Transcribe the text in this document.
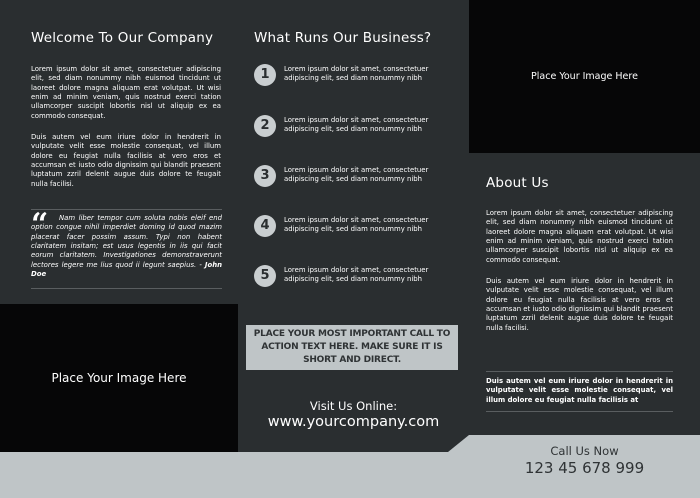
Welcome To Our Company
Lorem ipsum dolor sit amet, consectetuer adipiscing elit, sed diam nonummy nibh euismod tincidunt ut laoreet dolore magna aliquam erat volutpat. Ut wisi enim ad minim veniam, quis nostrud exerci tation ullamcorper suscipit lobortis nisl ut aliquip ex ea commodo consequat.
Duis autem vel eum iriure dolor in hendrerit in vulputate velit esse molestie consequat, vel illum dolore eu feugiat nulla facilisis at vero eros et accumsan et iusto odio dignissim qui blandit praesent luptatum zzril delenit augue duis dolore te feugait nulla facilisi.
“	Nam liber tempor cum soluta nobis eleif end option congue nihil imperdiet doming id quod mazim placerat facer possim assum. Typi non habent claritatem insitam; est usus legentis in iis qui facit eorum claritatem. Investigationes demonstraverunt lectores legere me lius quod ii legunt saepius. - John Doe
Place Your Image Here
What Runs Our Business?
1	Lorem ipsum dolor sit amet, consectetuer adipiscing elit, sed diam nonummy nibh
2	Lorem ipsum dolor sit amet, consectetuer adipiscing elit, sed diam nonummy nibh
3	Lorem ipsum dolor sit amet, consectetuer adipiscing elit, sed diam nonummy nibh
4	Lorem ipsum dolor sit amet, consectetuer adipiscing elit, sed diam nonummy nibh
5	Lorem ipsum dolor sit amet, consectetuer adipiscing elit, sed diam nonummy nibh
PLACE YOUR MOST IMPORTANT CALL TO ACTION TEXT HERE. MAKE SURE IT IS SHORT AND DIRECT.
Visit Us Online:
www.yourcompany.com
Place Your Image Here
About Us
Lorem ipsum dolor sit amet, consectetuer adipiscing elit, sed diam nonummy nibh euismod tincidunt ut laoreet dolore magna aliquam erat volutpat. Ut wisi enim ad minim veniam, quis nostrud exerci tation ullamcorper suscipit lobortis nisl ut aliquip ex ea commodo consequat.
Duis autem vel eum iriure dolor in hendrerit in vulputate velit esse molestie consequat, vel illum dolore eu feugiat nulla facilisis at vero eros et accumsan et iusto odio dignissim qui blandit praesent luptatum zzril delenit augue duis dolore te feugait nulla facilisi.
Duis autem vel eum iriure dolor in hendrerit in vulputate velit esse molestie consequat, vel illum dolore eu feugiat nulla facilisis at
Call Us Now
123 45 678 999
